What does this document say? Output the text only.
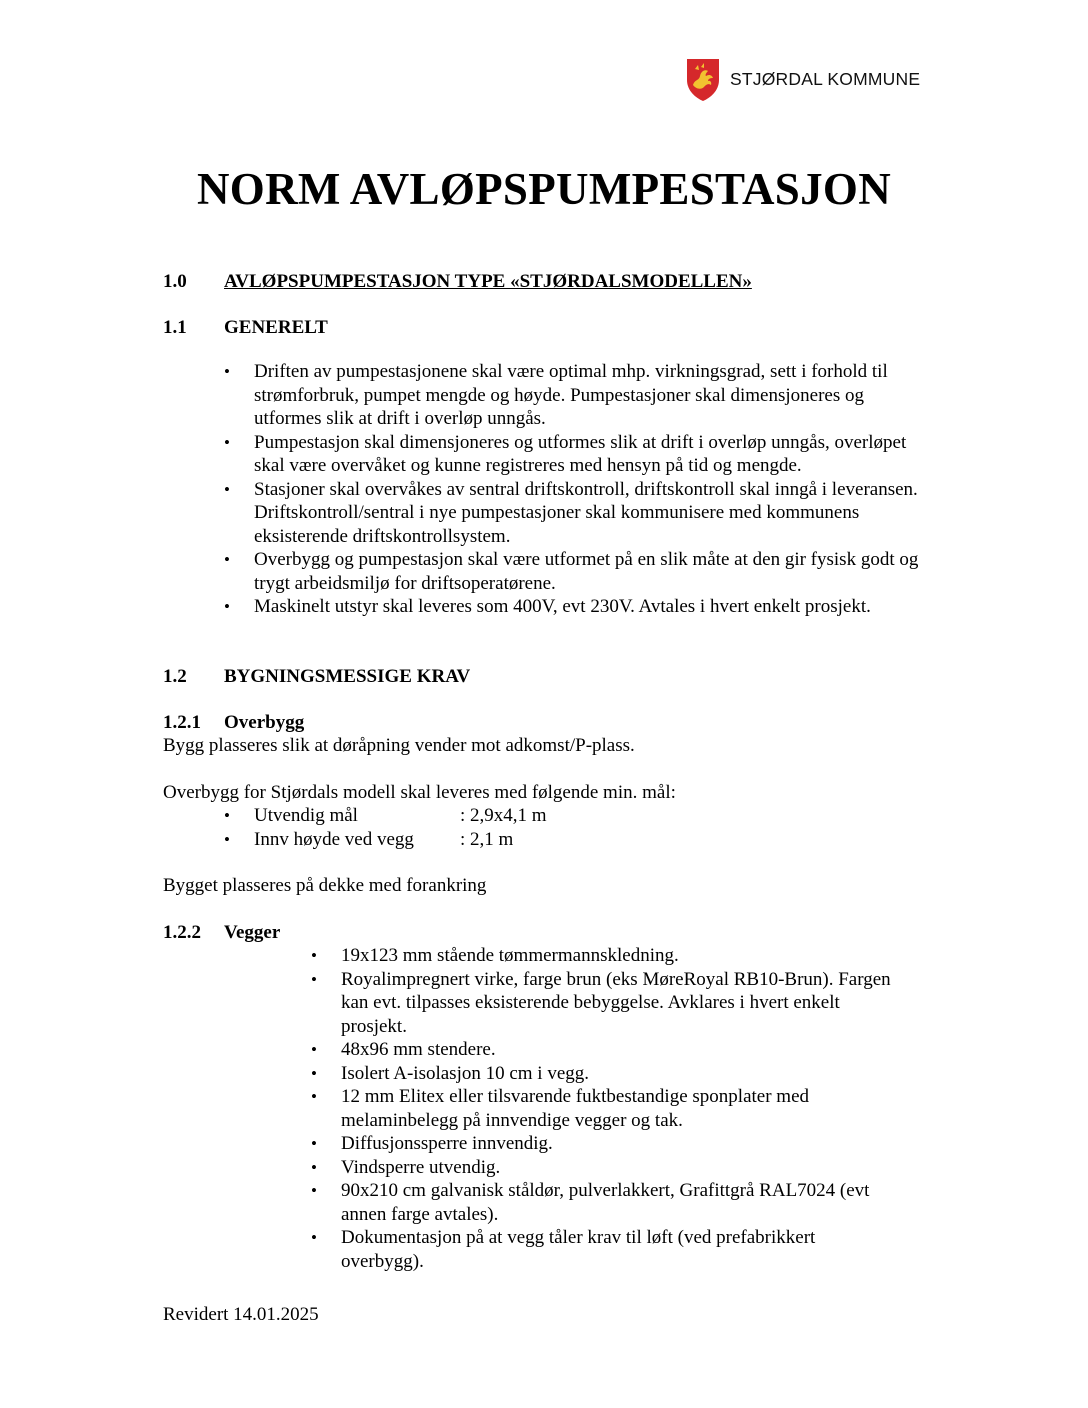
STJØRDAL KOMMUNE
NORM AVLØPSPUMPESTASJON
1.0 AVLØPSPUMPESTASJON TYPE «STJØRDALSMODELLEN»
1.1 GENERELT
• Driften av pumpestasjonene skal være optimal mhp. virkningsgrad, sett i forhold til strømforbruk, pumpet mengde og høyde. Pumpestasjoner skal dimensjoneres og utformes slik at drift i overløp unngås.
• Pumpestasjon skal dimensjoneres og utformes slik at drift i overløp unngås, overløpet skal være overvåket og kunne registreres med hensyn på tid og mengde.
• Stasjoner skal overvåkes av sentral driftskontroll, driftskontroll skal inngå i leveransen. Driftskontroll/sentral i nye pumpestasjoner skal kommunisere med kommunens eksisterende driftskontrollsystem.
• Overbygg og pumpestasjon skal være utformet på en slik måte at den gir fysisk godt og trygt arbeidsmiljø for driftsoperatørene.
• Maskinelt utstyr skal leveres som 400V, evt 230V. Avtales i hvert enkelt prosjekt.
1.2 BYGNINGSMESSIGE KRAV
1.2.1 Overbygg
Bygg plasseres slik at døråpning vender mot adkomst/P-plass.
Overbygg for Stjørdals modell skal leveres med følgende min. mål:
• Utvendig mål	: 2,9x4,1 m
• Innv høyde ved vegg : 2,1 m
Bygget plasseres på dekke med forankring
1.2.2 Vegger
• 19x123 mm stående tømmermannskledning.
• Royalimpregnert virke, farge brun (eks MøreRoyal RB10-Brun). Fargen kan evt. tilpasses eksisterende bebyggelse. Avklares i hvert enkelt prosjekt.
• 48x96 mm stendere.
• Isolert A-isolasjon 10 cm i vegg.
• 12 mm Elitex eller tilsvarende fuktbestandige sponplater med melaminbelegg på innvendige vegger og tak.
• Diffusjonssperre innvendig.
• Vindsperre utvendig.
• 90x210 cm galvanisk ståldør, pulverlakkert, Grafittgrå RAL7024 (evt annen farge avtales).
• Dokumentasjon på at vegg tåler krav til løft (ved prefabrikkert overbygg).
Revidert 14.01.2025
